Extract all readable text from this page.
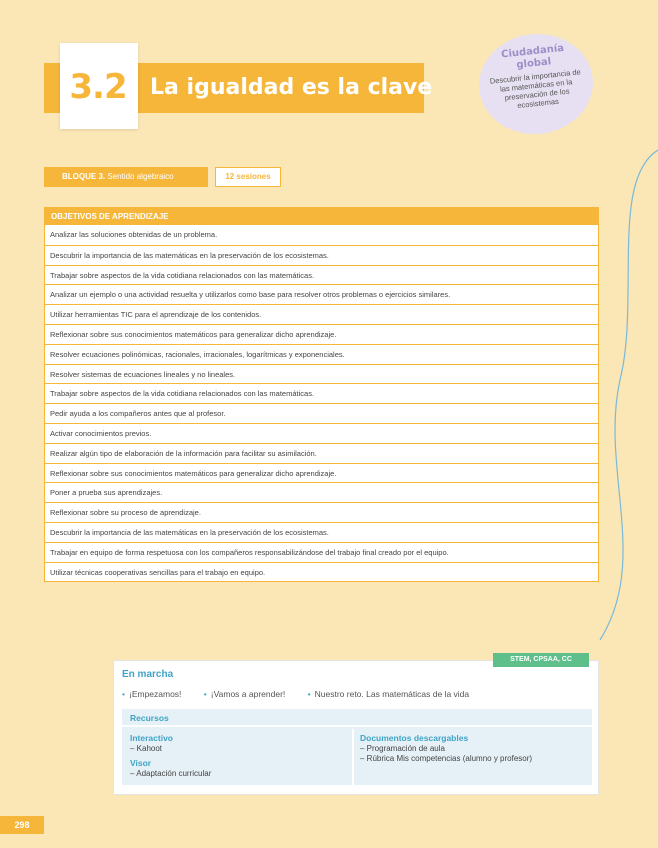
3.2 La igualdad es la clave
Ciudadanía global
Descubrir la importancia de las matemáticas en la preservación de los ecosistemas
BLOQUE 3. Sentido algebraico	12 sesiones
OBJETIVOS DE APRENDIZAJE
Analizar las soluciones obtenidas de un problema.
Descubrir la importancia de las matemáticas en la preservación de los ecosistemas.
Trabajar sobre aspectos de la vida cotidiana relacionados con las matemáticas.
Analizar un ejemplo o una actividad resuelta y utilizarlos como base para resolver otros problemas o ejercicios similares.
Utilizar herramientas TIC para el aprendizaje de los contenidos.
Reflexionar sobre sus conocimientos matemáticos para generalizar dicho aprendizaje.
Resolver ecuaciones polinómicas, racionales, irracionales, logarítmicas y exponenciales.
Resolver sistemas de ecuaciones lineales y no lineales.
Trabajar sobre aspectos de la vida cotidiana relacionados con las matemáticas.
Pedir ayuda a los compañeros antes que al profesor.
Activar conocimientos previos.
Realizar algún tipo de elaboración de la información para facilitar su asimilación.
Reflexionar sobre sus conocimientos matemáticos para generalizar dicho aprendizaje.
Poner a prueba sus aprendizajes.
Reflexionar sobre su proceso de aprendizaje.
Descubrir la importancia de las matemáticas en la preservación de los ecosistemas.
Trabajar en equipo de forma respetuosa con los compañeros responsabilizándose del trabajo final creado por el equipo.
Utilizar técnicas cooperativas sencillas para el trabajo en equipo.
En marcha
• ¡Empezamos!	• ¡Vamos a aprender!	• Nuestro reto. Las matemáticas de la vida
Recursos
Interactivo
– Kahoot
Visor
– Adaptación curricular
Documentos descargables
– Programación de aula
– Rúbrica Mis competencias (alumno y profesor)
STEM, CPSAA, CC
298
